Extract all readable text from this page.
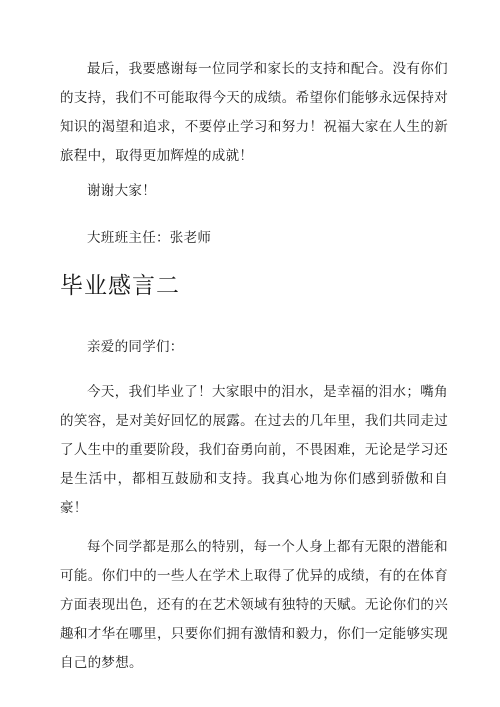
最后，我要感谢每一位同学和家长的支持和配合。没有你们的支持，我们不可能取得今天的成绩。希望你们能够永远保持对知识的渴望和追求，不要停止学习和努力！祝福大家在人生的新旅程中，取得更加辉煌的成就！

谢谢大家！

大班班主任：张老师

毕业感言二

亲爱的同学们：

今天，我们毕业了！大家眼中的泪水，是幸福的泪水；嘴角的笑容，是对美好回忆的展露。在过去的几年里，我们共同走过了人生中的重要阶段，我们奋勇向前，不畏困难，无论是学习还是生活中，都相互鼓励和支持。我真心地为你们感到骄傲和自豪！

每个同学都是那么的特别，每一个人身上都有无限的潜能和可能。你们中的一些人在学术上取得了优异的成绩，有的在体育方面表现出色，还有的在艺术领域有独特的天赋。无论你们的兴趣和才华在哪里，只要你们拥有激情和毅力，你们一定能够实现自己的梦想。
